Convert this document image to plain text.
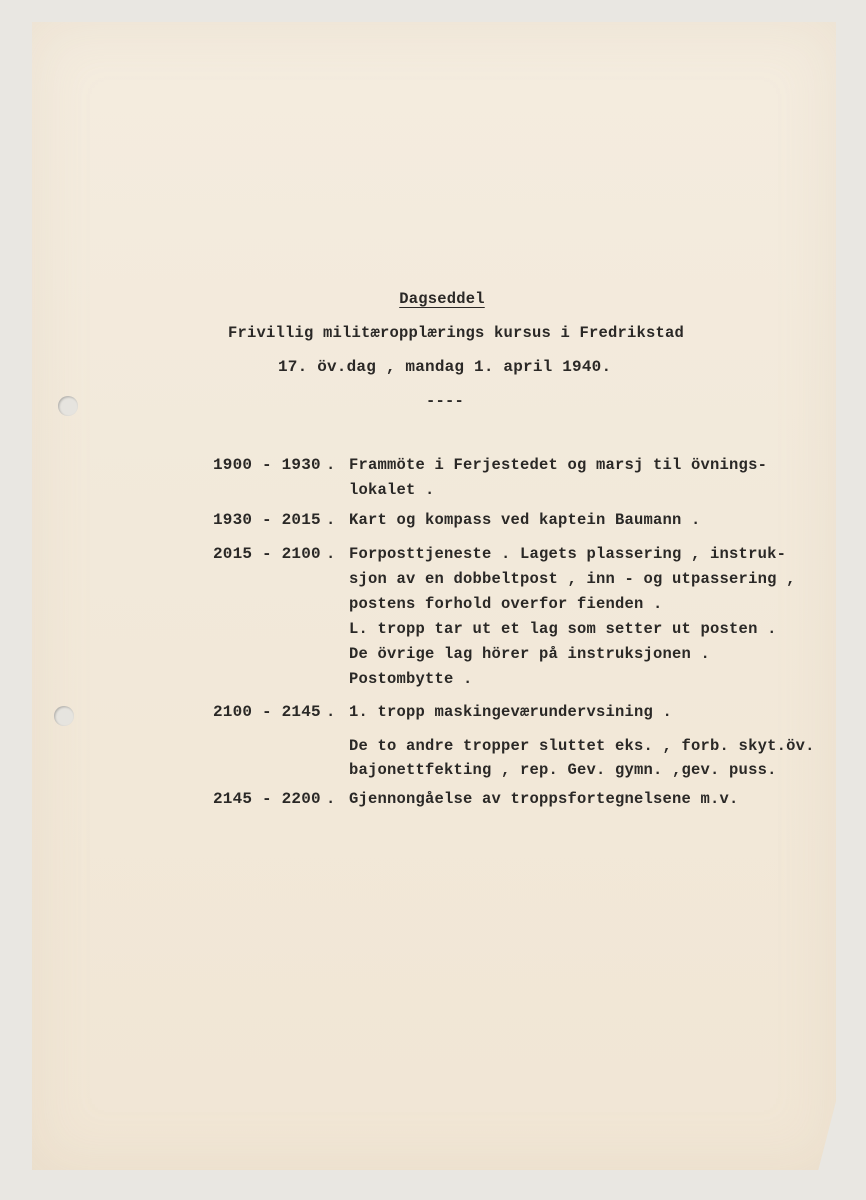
Dagseddel
Frivillig militæropplærings kursus i Fredrikstad
17. öv.dag , mandag 1. april 1940.
----
1900 - 1930 . Frammöte i Ferjestedet og marsj til övnings-
lokalet .
1930 - 2015 . Kart og kompass ved kaptein Baumann .
2015 - 2100 . Forposttjeneste . Lagets plassering , instruk-
sjon av en dobbeltpost , inn - og utpassering ,
postens forhold overfor fienden .
L. tropp tar ut et lag som setter ut posten .
De övrige lag hörer på instruksjonen .
Postombytte .
2100 - 2145 . 1. tropp maskingeværundervsining .
De to andre tropper sluttet eks. , forb. skyt.öv.
bajonettfekting , rep. Gev. gymn. ,gev. puss.
2145 - 2200 . Gjennongåelse av troppsfortegnelsene m.v.
